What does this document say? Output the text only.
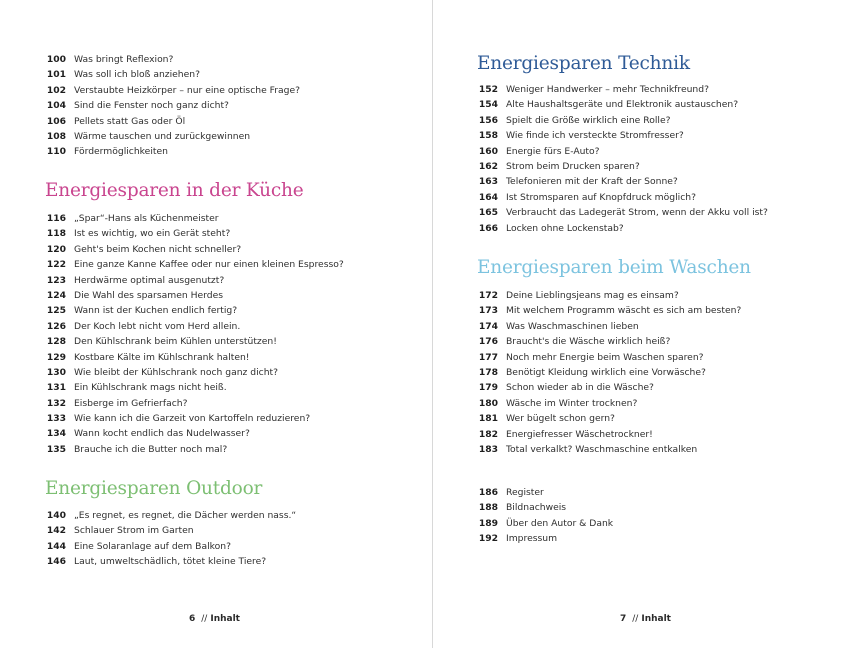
100 Was bringt Reflexion?
101 Was soll ich bloß anziehen?
102 Verstaubte Heizkörper – nur eine optische Frage?
104 Sind die Fenster noch ganz dicht?
106 Pellets statt Gas oder Öl
108 Wärme tauschen und zurückgewinnen
110 Fördermöglichkeiten
Energiesparen in der Küche
116 „Spar“-Hans als Küchenmeister
118 Ist es wichtig, wo ein Gerät steht?
120 Geht's beim Kochen nicht schneller?
122 Eine ganze Kanne Kaffee oder nur einen kleinen Espresso?
123 Herdwärme optimal ausgenutzt?
124 Die Wahl des sparsamen Herdes
125 Wann ist der Kuchen endlich fertig?
126 Der Koch lebt nicht vom Herd allein.
128 Den Kühlschrank beim Kühlen unterstützen!
129 Kostbare Kälte im Kühlschrank halten!
130 Wie bleibt der Kühlschrank noch ganz dicht?
131 Ein Kühlschrank mags nicht heiß.
132 Eisberge im Gefrierfach?
133 Wie kann ich die Garzeit von Kartoffeln reduzieren?
134 Wann kocht endlich das Nudelwasser?
135 Brauche ich die Butter noch mal?
Energiesparen Outdoor
140 „Es regnet, es regnet, die Dächer werden nass.“
142 Schlauer Strom im Garten
144 Eine Solaranlage auf dem Balkon?
146 Laut, umweltschädlich, tötet kleine Tiere?
6 // Inhalt
Energiesparen Technik
152 Weniger Handwerker – mehr Technikfreund?
154 Alte Haushaltsgeräte und Elektronik austauschen?
156 Spielt die Größe wirklich eine Rolle?
158 Wie finde ich versteckte Stromfresser?
160 Energie fürs E-Auto?
162 Strom beim Drucken sparen?
163 Telefonieren mit der Kraft der Sonne?
164 Ist Stromsparen auf Knopfdruck möglich?
165 Verbraucht das Ladegerät Strom, wenn der Akku voll ist?
166 Locken ohne Lockenstab?
Energiesparen beim Waschen
172 Deine Lieblingsjeans mag es einsam?
173 Mit welchem Programm wäscht es sich am besten?
174 Was Waschmaschinen lieben
176 Braucht's die Wäsche wirklich heiß?
177 Noch mehr Energie beim Waschen sparen?
178 Benötigt Kleidung wirklich eine Vorwäsche?
179 Schon wieder ab in die Wäsche?
180 Wäsche im Winter trocknen?
181 Wer bügelt schon gern?
182 Energiefresser Wäschetrockner!
183 Total verkalkt? Waschmaschine entkalken
186 Register
188 Bildnachweis
189 Über den Autor & Dank
192 Impressum
7 // Inhalt
